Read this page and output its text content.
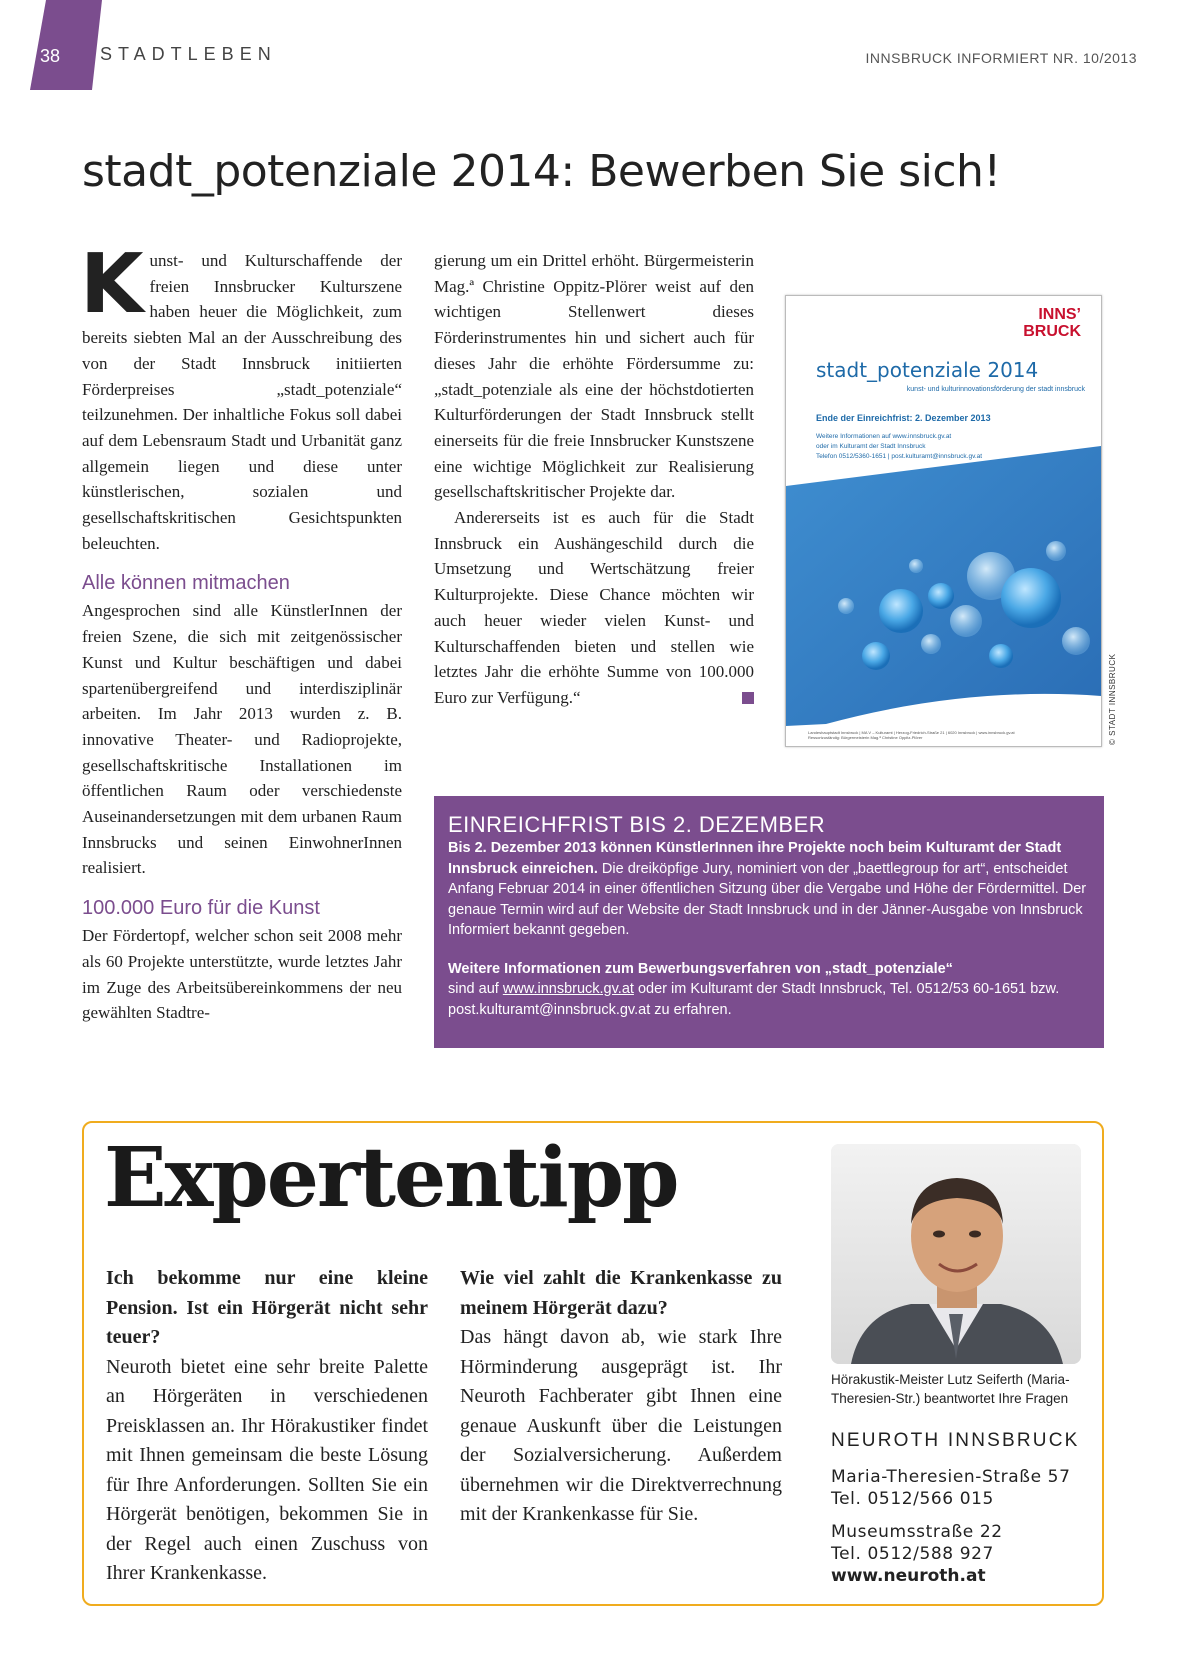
38 STADTLEBEN	INNSBRUCK INFORMIERT NR. 10/2013
stadt_potenziale 2014: Bewerben Sie sich!

Kunst- und Kulturschaffende der freien Innsbrucker Kulturszene haben heuer die Möglichkeit, zum bereits siebten Mal an der Ausschreibung des von der Stadt Innsbruck initiierten Förderpreises „stadt_potenziale“ teilzunehmen. Der inhaltliche Fokus soll dabei auf dem Lebensraum Stadt und Urbanität ganz allgemein liegen und diese unter künstlerischen, sozialen und gesellschaftskritischen Gesichtspunkten beleuchten.

Alle können mitmachen

Angesprochen sind alle KünstlerInnen der freien Szene, die sich mit zeitgenössischer Kunst und Kultur beschäftigen und dabei spartenübergreifend und interdisziplinär arbeiten. Im Jahr 2013 wurden z. B. innovative Theater- und Radioprojekte, gesellschaftskritische Installationen im öffentlichen Raum oder verschiedenste Auseinandersetzungen mit dem urbanen Raum Innsbrucks und seinen EinwohnerInnen realisiert.

100.000 Euro für die Kunst

Der Fördertopf, welcher schon seit 2008 mehr als 60 Projekte unterstützte, wurde letztes Jahr im Zuge des Arbeitsübereinkommens der neu gewählten Stadtre-

gierung um ein Drittel erhöht. Bürgermeisterin Mag.ª Christine Oppitz-Plörer weist auf den wichtigen Stellenwert dieses Förderinstrumentes hin und sichert auch für dieses Jahr die erhöhte Fördersumme zu: „stadt_potenziale als eine der höchstdotierten Kulturförderungen der Stadt Innsbruck stellt einerseits für die freie Innsbrucker Kunstszene eine wichtige Möglichkeit zur Realisierung gesellschaftskritischer Projekte dar.

Andererseits ist es auch für die Stadt Innsbruck ein Aushängeschild durch die Umsetzung und Wertschätzung freier Kulturprojekte. Diese Chance möchten wir auch heuer wieder vielen Kunst- und Kulturschaffenden bieten und stellen wie letztes Jahr die erhöhte Summe von 100.000 Euro zur Verfügung.“

INNS’
BRUCK
stadt_potenziale 2014
kunst- und kulturinnovationsförderung der stadt innsbruck
Ende der Einreichfrist: 2. Dezember 2013
Weitere Informationen auf www.innsbruck.gv.at
oder im Kulturamt der Stadt Innsbruck
Telefon 0512/5360-1651 | post.kulturamt@innsbruck.gv.at
Landeshauptstadt Innsbruck | MA V – Kulturamt | Herzog-Friedrich-Straße 21 | 6020 Innsbruck | www.innsbruck.gv.at
Ressortzuständig: Bürgermeisterin Mag.ª Christine Oppitz-Plörer	© STADT INNSBRUCK
EINREICHFRIST BIS 2. DEZEMBER

Bis 2. Dezember 2013 können KünstlerInnen ihre Projekte noch beim Kulturamt der Stadt Innsbruck einreichen. Die dreiköpfige Jury, nominiert von der „baettlegroup for art“, entscheidet Anfang Februar 2014 in einer öffentlichen Sitzung über die Vergabe und Höhe der Fördermittel. Der genaue Termin wird auf der Website der Stadt Innsbruck und in der Jänner-Ausgabe von Innsbruck Informiert bekannt gegeben.

Weitere Informationen zum Bewerbungsverfahren von „stadt_potenziale“
sind auf www.innsbruck.gv.at oder im Kulturamt der Stadt Innsbruck, Tel. 0512/53 60-1651 bzw. post.kulturamt@innsbruck.gv.at zu erfahren.

Expertentipp

Ich bekomme nur eine kleine Pension. Ist ein Hörgerät nicht sehr teuer?

Neuroth bietet eine sehr breite Palette an Hörgeräten in verschiedenen Preisklassen an. Ihr Hörakustiker findet mit Ihnen gemeinsam die beste Lösung für Ihre Anforderungen. Sollten Sie ein Hörgerät benötigen, bekommen Sie in der Regel auch einen Zuschuss von Ihrer Krankenkasse.

Wie viel zahlt die Krankenkasse zu meinem Hörgerät dazu?

Das hängt davon ab, wie stark Ihre Hörminderung ausgeprägt ist. Ihr Neuroth Fachberater gibt Ihnen eine genaue Auskunft über die Leistungen der Sozialversicherung. Außerdem übernehmen wir die Direktverrechnung mit der Krankenkasse für Sie.

Hörakustik-Meister Lutz Seiferth (Maria-Theresien-Str.) beantwortet Ihre Fragen
NEUROTH INNSBRUCK
Maria-Theresien-Straße 57
Tel. 0512/566 015
Museumsstraße 22
Tel. 0512/588 927
www.neuroth.at
